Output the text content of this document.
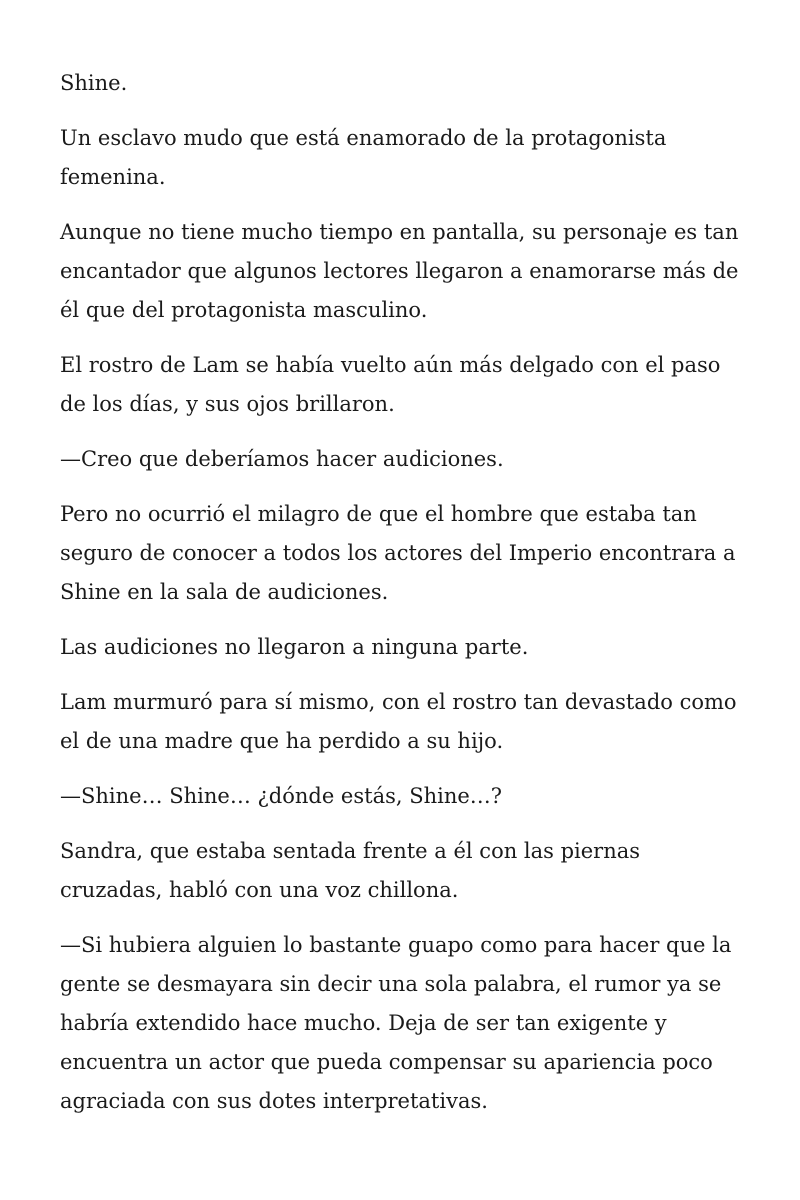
Shine.

Un esclavo mudo que está enamorado de la protagonista femenina.

Aunque no tiene mucho tiempo en pantalla, su personaje es tan encantador que algunos lectores llegaron a enamorarse más de él que del protagonista masculino.

El rostro de Lam se había vuelto aún más delgado con el paso de los días, y sus ojos brillaron.

—Creo que deberíamos hacer audiciones.

Pero no ocurrió el milagro de que el hombre que estaba tan seguro de conocer a todos los actores del Imperio encontrara a Shine en la sala de audiciones.

Las audiciones no llegaron a ninguna parte.

Lam murmuró para sí mismo, con el rostro tan devastado como el de una madre que ha perdido a su hijo.

—Shine… Shine… ¿dónde estás, Shine…?

Sandra, que estaba sentada frente a él con las piernas cruzadas, habló con una voz chillona.

—Si hubiera alguien lo bastante guapo como para hacer que la gente se desmayara sin decir una sola palabra, el rumor ya se habría extendido hace mucho. Deja de ser tan exigente y encuentra un actor que pueda compensar su apariencia poco agraciada con sus dotes interpretativas.
